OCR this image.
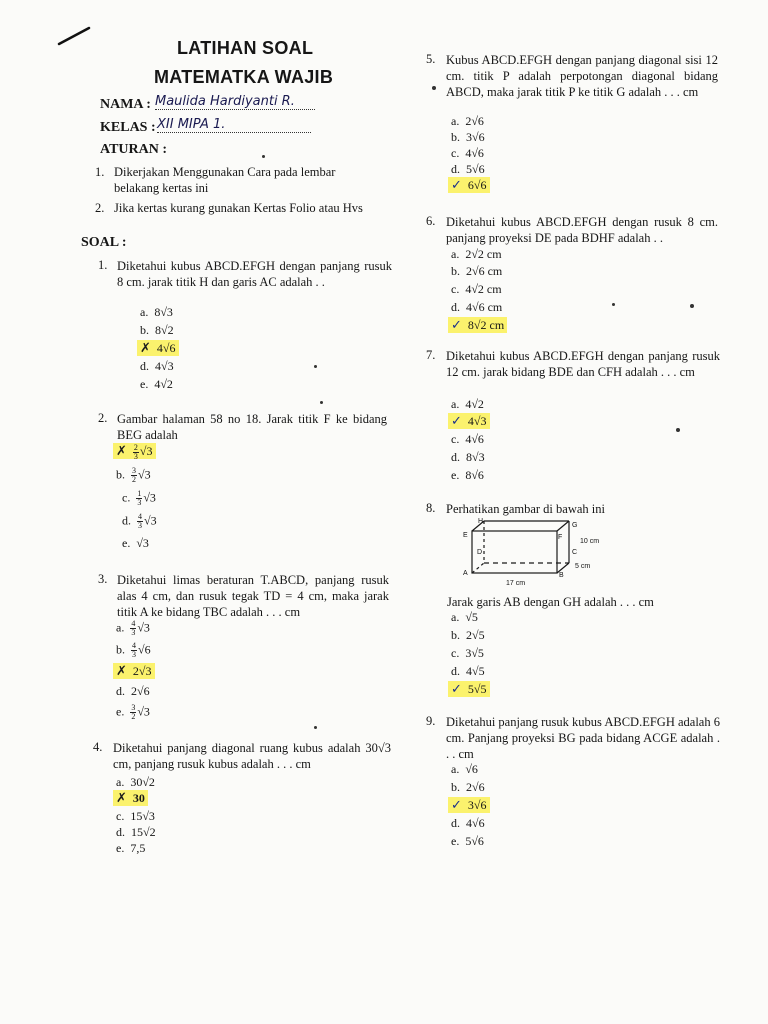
LATIHAN SOAL
MATEMATKA WAJIB
NAMA : Maulida Hardiyanti R.
KELAS : XII MIPA 1.
ATURAN :
1. Dikerjakan Menggunakan Cara pada lembar belakang kertas ini
2. Jika kertas kurang gunakan Kertas Folio atau Hvs
SOAL :
1. Diketahui kubus ABCD.EFGH dengan panjang rusuk 8 cm. jarak titik H dan garis AC adalah . .
a. 8√3
b. 8√2
✗ 4√6
d. 4√3
e. 4√2
2. Gambar halaman 58 no 18. Jarak titik F ke bidang BEG adalah
✗ $\frac{2}{3} √3$
b. $\frac{3}{2} √3$
c. $\frac{1}{3} √3$
d. $\frac{4}{3} √3$
e. √3
3. Diketahui limas beraturan T.ABCD, panjang rusuk alas 4 cm, dan rusuk tegak TD = 4 cm, maka jarak titik A ke bidang TBC adalah . . . cm
a. $\frac{4}{3} √3$
b. $\frac{4}{3} √6$
✗ 2√3
d. 2√6
e. $\frac{3}{2} √3$
4. Diketahui panjang diagonal ruang kubus adalah 30√3 cm, panjang rusuk kubus adalah . . . cm
a. 30√2
✗ 30
c. 15√3
d. 15√2
e. 7,5
5. Kubus ABCD.EFGH dengan panjang diagonal sisi 12 cm. titik P adalah perpotongan diagonal bidang ABCD, maka jarak titik P ke titik G adalah . . . cm
a. 2√6
b. 3√6
c. 4√6
d. 5√6
✓ 6√6
6. Diketahui kubus ABCD.EFGH dengan rusuk 8 cm. panjang proyeksi DE pada BDHF adalah . .
a. 2√2 cm
b. 2√6 cm
c. 4√2 cm
d. 4√6 cm
✓ 8√2 cm
7. Diketahui kubus ABCD.EFGH dengan panjang rusuk 12 cm. jarak bidang BDE dan CFH adalah . . . cm
a. 4√2
✓ 4√3
c. 4√6
d. 8√3
e. 8√6
8. Perhatikan gambar di bawah ini
H
G
E	F
D	C
A	B
10 cm
5 cm
17 cm
Jarak garis AB dengan GH adalah . . . cm
a. √5
b. 2√5
c. 3√5
d. 4√5
✓ 5√5
9. Diketahui panjang rusuk kubus ABCD.EFGH adalah 6 cm. Panjang proyeksi BG pada bidang ACGE adalah . . . cm
a. √6
b. 2√6
✓ 3√6
d. 4√6
e. 5√6
